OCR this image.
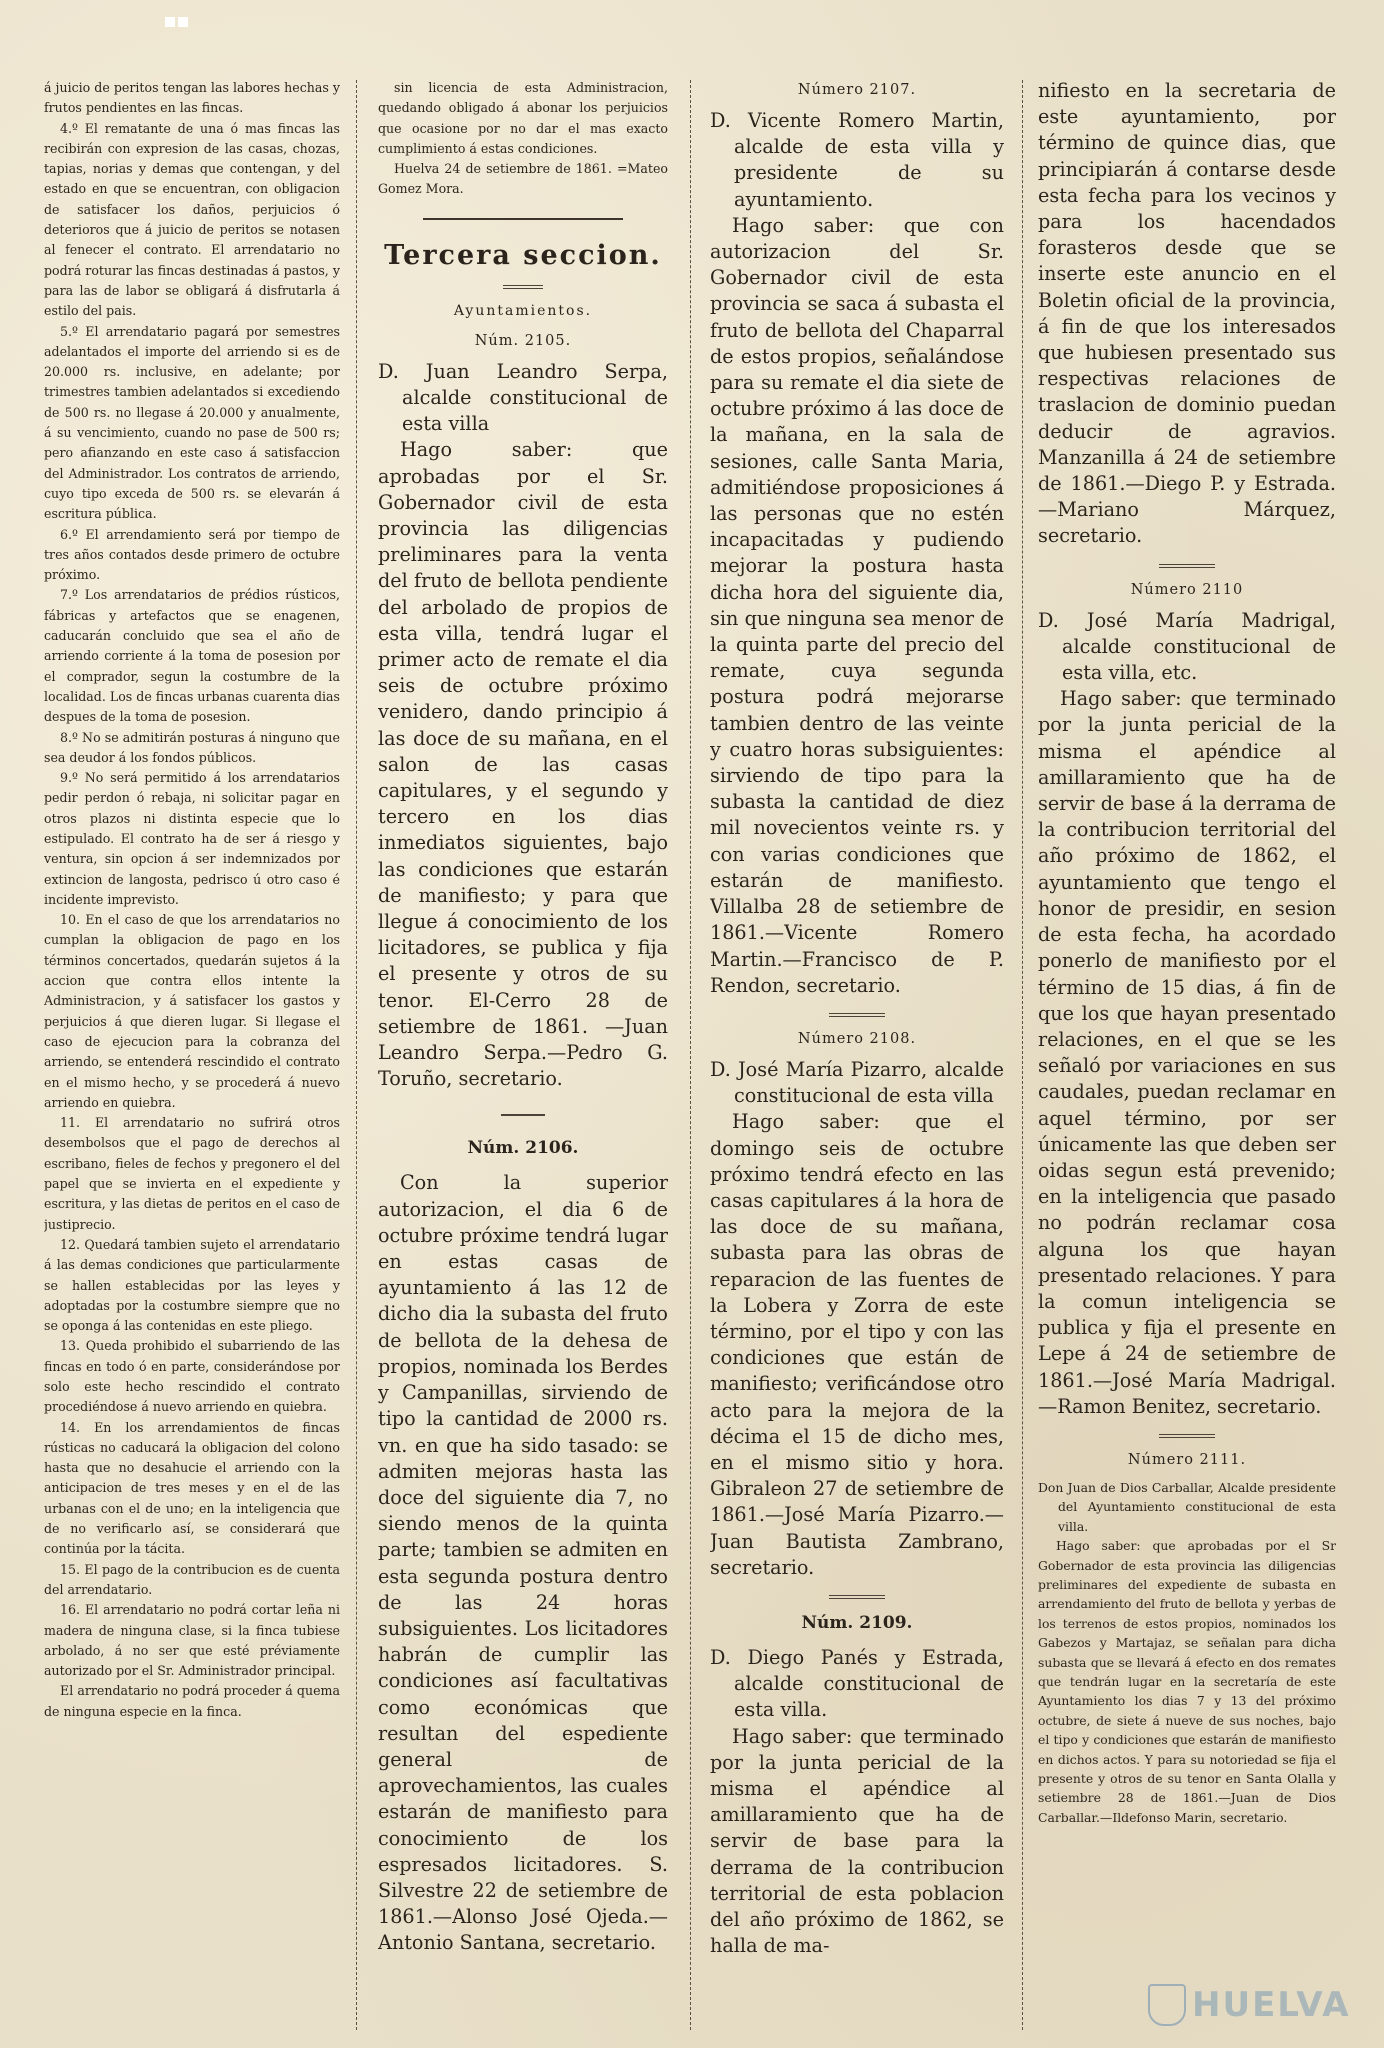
á juicio de peritos tengan las labores hechas y frutos pendientes en las fincas.

4.º El rematante de una ó mas fincas las recibirán con expresion de las casas, chozas, tapias, norias y demas que contengan, y del estado en que se encuentran, con obligacion de satisfacer los daños, perjuicios ó deterioros que á juicio de peritos se notasen al fenecer el contrato. El arrendatario no podrá roturar las fincas destinadas á pastos, y para las de labor se obligará á disfrutarla á estilo del pais.

5.º El arrendatario pagará por semestres adelantados el importe del arriendo si es de 20.000 rs. inclusive, en adelante; por trimestres tambien adelantados si excediendo de 500 rs. no llegase á 20.000 y anualmente, á su vencimiento, cuando no pase de 500 rs; pero afianzando en este caso á satisfaccion del Administrador. Los contratos de arriendo, cuyo tipo exceda de 500 rs. se elevarán á escritura pública.

6.º El arrendamiento será por tiempo de tres años contados desde primero de octubre próximo.

7.º Los arrendatarios de prédios rústicos, fábricas y artefactos que se enagenen, caducarán concluido que sea el año de arriendo corriente á la toma de posesion por el comprador, segun la costumbre de la localidad. Los de fincas urbanas cuarenta dias despues de la toma de posesion.

8.º No se admitirán posturas á ninguno que sea deudor á los fondos públicos.

9.º No será permitido á los arrendatarios pedir perdon ó rebaja, ni solicitar pagar en otros plazos ni distinta especie que lo estipulado. El contrato ha de ser á riesgo y ventura, sin opcion á ser indemnizados por extincion de langosta, pedrisco ú otro caso é incidente imprevisto.

10. En el caso de que los arrendatarios no cumplan la obligacion de pago en los términos concertados, quedarán sujetos á la accion que contra ellos intente la Administracion, y á satisfacer los gastos y perjuicios á que dieren lugar. Si llegase el caso de ejecucion para la cobranza del arriendo, se entenderá rescindido el contrato en el mismo hecho, y se procederá á nuevo arriendo en quiebra.

11. El arrendatario no sufrirá otros desembolsos que el pago de derechos al escribano, fieles de fechos y pregonero el del papel que se invierta en el expediente y escritura, y las dietas de peritos en el caso de justiprecio.

12. Quedará tambien sujeto el arrendatario á las demas condiciones que particularmente se hallen establecidas por las leyes y adoptadas por la costumbre siempre que no se oponga á las contenidas en este pliego.

13. Queda prohibido el subarriendo de las fincas en todo ó en parte, considerándose por solo este hecho rescindido el contrato procediéndose á nuevo arriendo en quiebra.

14. En los arrendamientos de fincas rústicas no caducará la obligacion del colono hasta que no desahucie el arriendo con la anticipacion de tres meses y en el de las urbanas con el de uno; en la inteligencia que de no verificarlo así, se considerará que continúa por la tácita.

15. El pago de la contribucion es de cuenta del arrendatario.

16. El arrendatario no podrá cortar leña ni madera de ninguna clase, si la finca tubiese arbolado, á no ser que esté préviamente autorizado por el Sr. Administrador principal.

El arrendatario no podrá proceder á quema de ninguna especie en la finca.

sin licencia de esta Administracion, quedando obligado á abonar los perjuicios que ocasione por no dar el mas exacto cumplimiento á estas condiciones.

Huelva 24 de setiembre de 1861. =Mateo Gomez Mora.

Tercera seccion.
Ayuntamientos.
Núm. 2105.

D. Juan Leandro Serpa, alcalde constitucional de esta villa

Hago saber: que aprobadas por el Sr. Gobernador civil de esta provincia las diligencias preliminares para la venta del fruto de bellota pendiente del arbolado de propios de esta villa, tendrá lugar el primer acto de remate el dia seis de octubre próximo venidero, dando principio á las doce de su mañana, en el salon de las casas capitulares, y el segundo y tercero en los dias inmediatos siguientes, bajo las condiciones que estarán de manifiesto; y para que llegue á conocimiento de los licitadores, se publica y fija el presente y otros de su tenor. El-Cerro 28 de setiembre de 1861. —Juan Leandro Serpa.—Pedro G. Toruño, secretario.

Núm. 2106.

Con la superior autorizacion, el dia 6 de octubre próxime tendrá lugar en estas casas de ayuntamiento á las 12 de dicho dia la subasta del fruto de bellota de la dehesa de propios, nominada los Berdes y Campanillas, sirviendo de tipo la cantidad de 2000 rs. vn. en que ha sido tasado: se admiten mejoras hasta las doce del siguiente dia 7, no siendo menos de la quinta parte; tambien se admiten en esta segunda postura dentro de las 24 horas subsiguientes. Los licitadores habrán de cumplir las condiciones así facultativas como económicas que resultan del espediente general de aprovechamientos, las cuales estarán de manifiesto para conocimiento de los espresados licitadores. S. Silvestre 22 de setiembre de 1861.—Alonso José Ojeda.—Antonio Santana, secretario.

Número 2107.

D. Vicente Romero Martin, alcalde de esta villa y presidente de su ayuntamiento.

Hago saber: que con autorizacion del Sr. Gobernador civil de esta provincia se saca á subasta el fruto de bellota del Chaparral de estos propios, señalándose para su remate el dia siete de octubre próximo á las doce de la mañana, en la sala de sesiones, calle Santa Maria, admitiéndose proposiciones á las personas que no estén incapacitadas y pudiendo mejorar la postura hasta dicha hora del siguiente dia, sin que ninguna sea menor de la quinta parte del precio del remate, cuya segunda postura podrá mejorarse tambien dentro de las veinte y cuatro horas subsiguientes: sirviendo de tipo para la subasta la cantidad de diez mil novecientos veinte rs. y con varias condiciones que estarán de manifiesto. Villalba 28 de setiembre de 1861.—Vicente Romero Martin.—Francisco de P. Rendon, secretario.

Número 2108.

D. José María Pizarro, alcalde constitucional de esta villa

Hago saber: que el domingo seis de octubre próximo tendrá efecto en las casas capitulares á la hora de las doce de su mañana, subasta para las obras de reparacion de las fuentes de la Lobera y Zorra de este término, por el tipo y con las condiciones que están de manifiesto; verificándose otro acto para la mejora de la décima el 15 de dicho mes, en el mismo sitio y hora. Gibraleon 27 de setiembre de 1861.—José María Pizarro.—Juan Bautista Zambrano, secretario.

Núm. 2109.

D. Diego Panés y Estrada, alcalde constitucional de esta villa.

Hago saber: que terminado por la junta pericial de la misma el apéndice al amillaramiento que ha de servir de base para la derrama de la contribucion territorial de esta poblacion del año próximo de 1862, se halla de ma-

nifiesto en la secretaria de este ayuntamiento, por término de quince dias, que principiarán á contarse desde esta fecha para los vecinos y para los hacendados forasteros desde que se inserte este anuncio en el Boletin oficial de la provincia, á fin de que los interesados que hubiesen presentado sus respectivas relaciones de traslacion de dominio puedan deducir de agravios. Manzanilla á 24 de setiembre de 1861.—Diego P. y Estrada. —Mariano Márquez, secretario.

Número 2110

D. José María Madrigal, alcalde constitucional de esta villa, etc.

Hago saber: que terminado por la junta pericial de la misma el apéndice al amillaramiento que ha de servir de base á la derrama de la contribucion territorial del año próximo de 1862, el ayuntamiento que tengo el honor de presidir, en sesion de esta fecha, ha acordado ponerlo de manifiesto por el término de 15 dias, á fin de que los que hayan presentado relaciones, en el que se les señaló por variaciones en sus caudales, puedan reclamar en aquel término, por ser únicamente las que deben ser oidas segun está prevenido; en la inteligencia que pasado no podrán reclamar cosa alguna los que hayan presentado relaciones. Y para la comun inteligencia se publica y fija el presente en Lepe á 24 de setiembre de 1861.—José María Madrigal.—Ramon Benitez, secretario.

Número 2111.

Don Juan de Dios Carballar, Alcalde presidente del Ayuntamiento constitucional de esta villa.

Hago saber: que aprobadas por el Sr Gobernador de esta provincia las diligencias preliminares del expediente de subasta en arrendamiento del fruto de bellota y yerbas de los terrenos de estos propios, nominados los Gabezos y Martajaz, se señalan para dicha subasta que se llevará á efecto en dos remates que tendrán lugar en la secretaría de este Ayuntamiento los dias 7 y 13 del próximo octubre, de siete á nueve de sus noches, bajo el tipo y condiciones que estarán de manifiesto en dichos actos. Y para su notoriedad se fija el presente y otros de su tenor en Santa Olalla y setiembre 28 de 1861.—Juan de Dios Carballar.—Ildefonso Marin, secretario.

HUELVA
